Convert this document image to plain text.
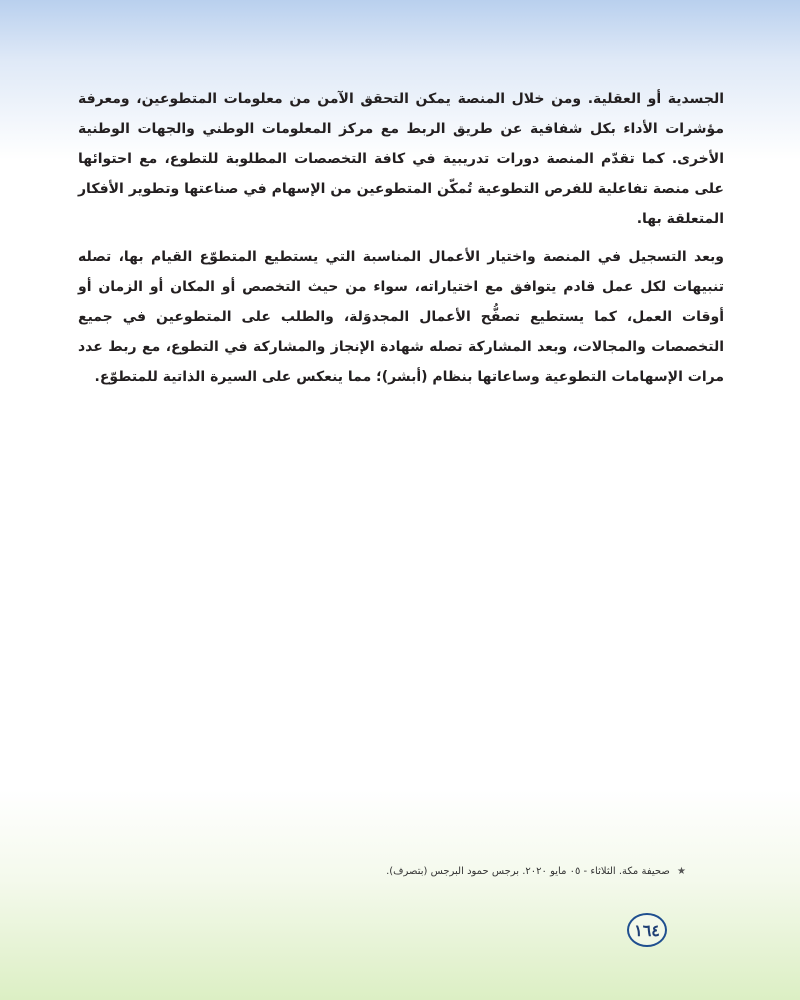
الجسدية أو العقلية. ومن خلال المنصة يمكن التحقق الآمن من معلومات المتطوعين، ومعرفة مؤشرات الأداء بكل شفافية عن طريق الربط مع مركز المعلومات الوطني والجهات الوطنية الأخرى. كما تقدّم المنصة دورات تدريبية في كافة التخصصات المطلوبة للتطوع، مع احتوائها على منصة تفاعلية للفرص التطوعية تُمكّن المتطوعين من الإسهام في صناعتها وتطوير الأفكار المتعلقة بها.

وبعد التسجيل في المنصة واختيار الأعمال المناسبة التي يستطيع المتطوّع القيام بها، تصله تنبيهات لكل عمل قادم يتوافق مع اختياراته، سواء من حيث التخصص أو المكان أو الزمان أو أوقات العمل، كما يستطيع تصفُّح الأعمال المجدوَلة، والطلب على المتطوعين في جميع التخصصات والمجالات، وبعد المشاركة تصله شهادة الإنجاز والمشاركة في التطوع، مع ربط عدد مرات الإسهامات التطوعية وساعاتها بنظام (أبشر)؛ مما ينعكس على السيرة الذاتية للمتطوّع.

★ صحيفة مكة. الثلاثاء - ٠٥ مايو ٢٠٢٠. برجس حمود البرجس (بتصرف).
١٦٤
